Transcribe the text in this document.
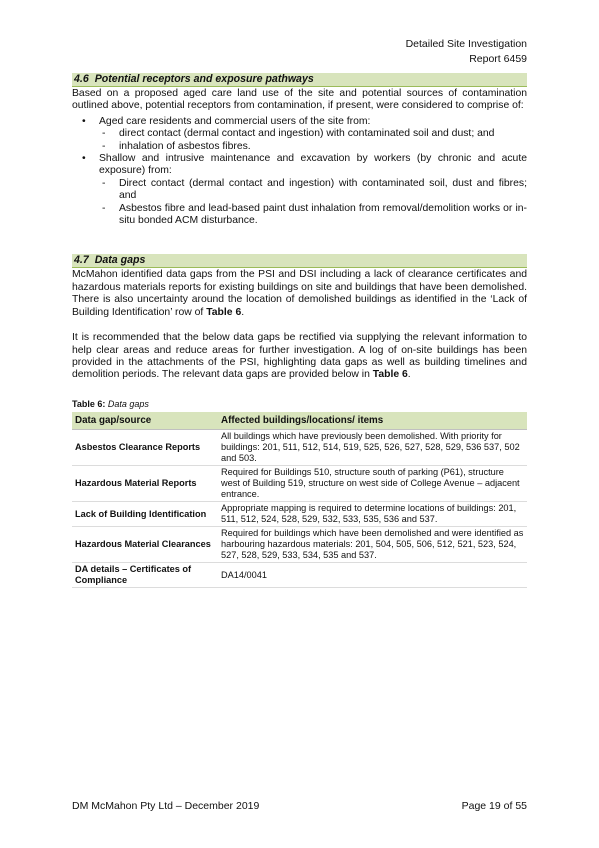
Detailed Site Investigation
Report 6459
4.6 Potential receptors and exposure pathways

Based on a proposed aged care land use of the site and potential sources of contamination outlined above, potential receptors from contamination, if present, were considered to comprise of:

• Aged care residents and commercial users of the site from:
- direct contact (dermal contact and ingestion) with contaminated soil and dust; and
- inhalation of asbestos fibres.
• Shallow and intrusive maintenance and excavation by workers (by chronic and acute exposure) from:
- Direct contact (dermal contact and ingestion) with contaminated soil, dust and fibres; and
- Asbestos fibre and lead-based paint dust inhalation from removal/demolition works or in-situ bonded ACM disturbance.
4.7 Data gaps

McMahon identified data gaps from the PSI and DSI including a lack of clearance certificates and hazardous materials reports for existing buildings on site and buildings that have been demolished. There is also uncertainty around the location of demolished buildings as identified in the ‘Lack of Building Identification’ row of Table 6.

It is recommended that the below data gaps be rectified via supplying the relevant information to help clear areas and reduce areas for further investigation. A log of on-site buildings has been provided in the attachments of the PSI, highlighting data gaps as well as building timelines and demolition periods. The relevant data gaps are provided below in Table 6.

Table 6: Data gaps
Data gap/source	Affected buildings/locations/ items
Asbestos Clearance Reports	All buildings which have previously been demolished. With priority for buildings: 201, 511, 512, 514, 519, 525, 526, 527, 528, 529, 536 537, 502 and 503.
Hazardous Material Reports	Required for Buildings 510, structure south of parking (P61), structure west of Building 519, structure on west side of College Avenue – adjacent entrance.
Lack of Building Identification	Appropriate mapping is required to determine locations of buildings: 201, 511, 512, 524, 528, 529, 532, 533, 535, 536 and 537.
Hazardous Material Clearances	Required for buildings which have been demolished and were identified as harbouring hazardous materials: 201, 504, 505, 506, 512, 521, 523, 524, 527, 528, 529, 533, 534, 535 and 537.
DA details – Certificates of Compliance	DA14/0041
DM McMahon Pty Ltd – December 2019	Page 19 of 55
